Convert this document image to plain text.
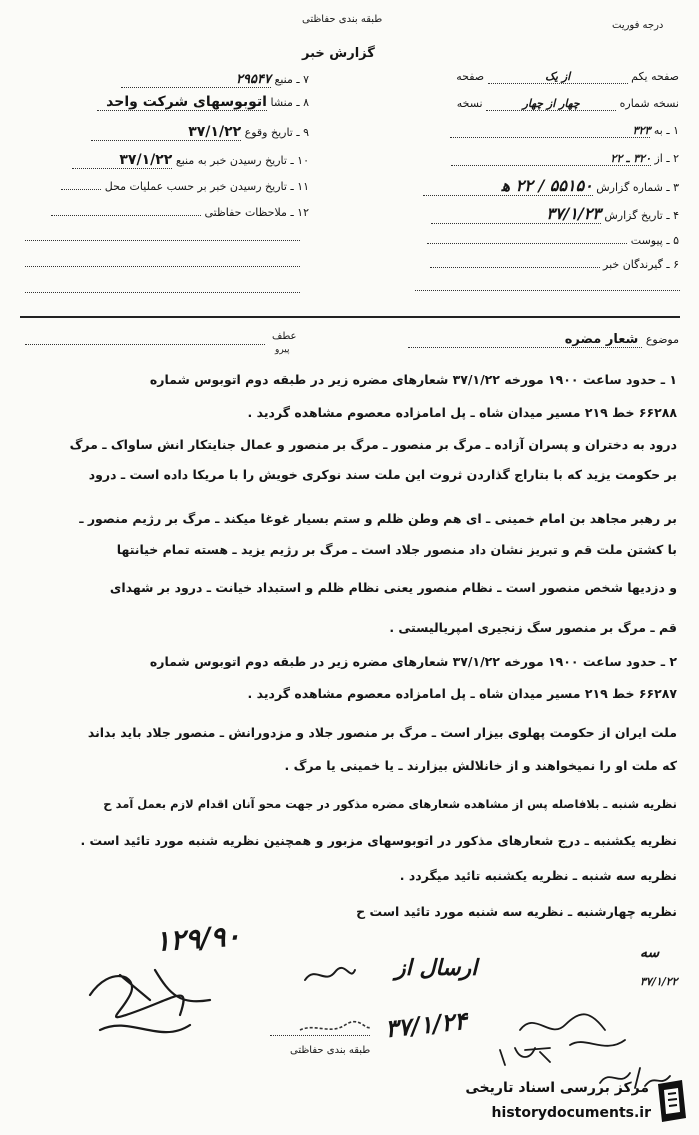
درجه فوریت
طبقه بندی حفاظتی
گزارش خبر
صفحه یکم از یک صفحه
نسخه شماره چهار از چهار نسخه
۱ ـ به ۳۲۳
۲ ـ از ۳۲۰ ـ ۲۲
۳ ـ شماره گزارش ۵۵۱۵۰ / ۲۲ ه‍
۴ ـ تاریخ گزارش ۳۷/۱/۲۳
۵ ـ پیوست
۶ ـ گیرندگان خبر
۷ ـ منبع ۲۹۵۴۷
۸ ـ منشا اتوبوسهای شرکت واحد
۹ ـ تاریخ وقوع ۳۷/۱/۲۲
۱۰ ـ تاریخ رسیدن خبر به منبع ۳۷/۱/۲۲
۱۱ ـ تاریخ رسیدن خبر بر حسب عملیات محل
۱۲ ـ ملاحظات حفاظتی
موضوع شعار مضره
عطف
پیرو
۱ ـ حدود ساعت ۱۹۰۰ مورخه ۳۷/۱/۲۲ شعارهای مضره زیر در طبقه دوم اتوبوس شماره
۶۶۲۸۸ خط ۲۱۹ مسیر میدان شاه ـ پل امامزاده معصوم مشاهده گردید .
درود به دختران و پسران آزاده ـ مرگ بر منصور ـ مرگ بر منصور و عمال جنایتکار انش ساواک ـ مرگ
بر حکومت یزید که با بتاراج گذاردن ثروت این ملت سند نوکری خویش را با مریکا داده است ـ درود
بر رهبر مجاهد بن امام خمینی ـ ای هم وطن ظلم و ستم بسیار غوغا میکند ـ مرگ بر رژیم منصور ـ
با کشتن ملت قم و تبریز نشان داد منصور جلاد است ـ مرگ بر رژیم یزید ـ هسته تمام خیانتها
و دزدیها شخص منصور است ـ نظام منصور یعنی نظام ظلم و استبداد خیانت ـ درود بر شهدای
قم ـ مرگ بر منصور سگ زنجیری امپریالیستی .
۲ ـ حدود ساعت ۱۹۰۰ مورخه ۳۷/۱/۲۲ شعارهای مضره زیر در طبقه دوم اتوبوس شماره
۶۶۲۸۷ خط ۲۱۹ مسیر میدان شاه ـ پل امامزاده معصوم مشاهده گردید .
ملت ایران از حکومت پهلوی بیزار است ـ مرگ بر منصور جلاد و مزدورانش ـ منصور جلاد باید بداند
که ملت او را نمیخواهند و از خانلالش بیزارند ـ یا خمینی یا مرگ .
نظریه شنبه ـ بلافاصله پس از مشاهده شعارهای مضره مذکور در جهت محو آنان اقدام لازم بعمل آمد ح
نظریه یکشنبه ـ درج شعارهای مذکور در اتوبوسهای مزبور و همچنین نظریه شنبه مورد تائید است .
نظریه سه شنبه ـ نظریه یکشنبه تائید میگردد .
نظریه چهارشنبه ـ نظریه سه شنبه مورد تائید است ح
۱۲۹/۹۰
ارسال از
۳۷/۱/۲۴
سه
۳۷/۱/۲۲
طبقه بندی حفاظتی
مرکز بررسی اسناد تاریخی
historydocuments.ir
